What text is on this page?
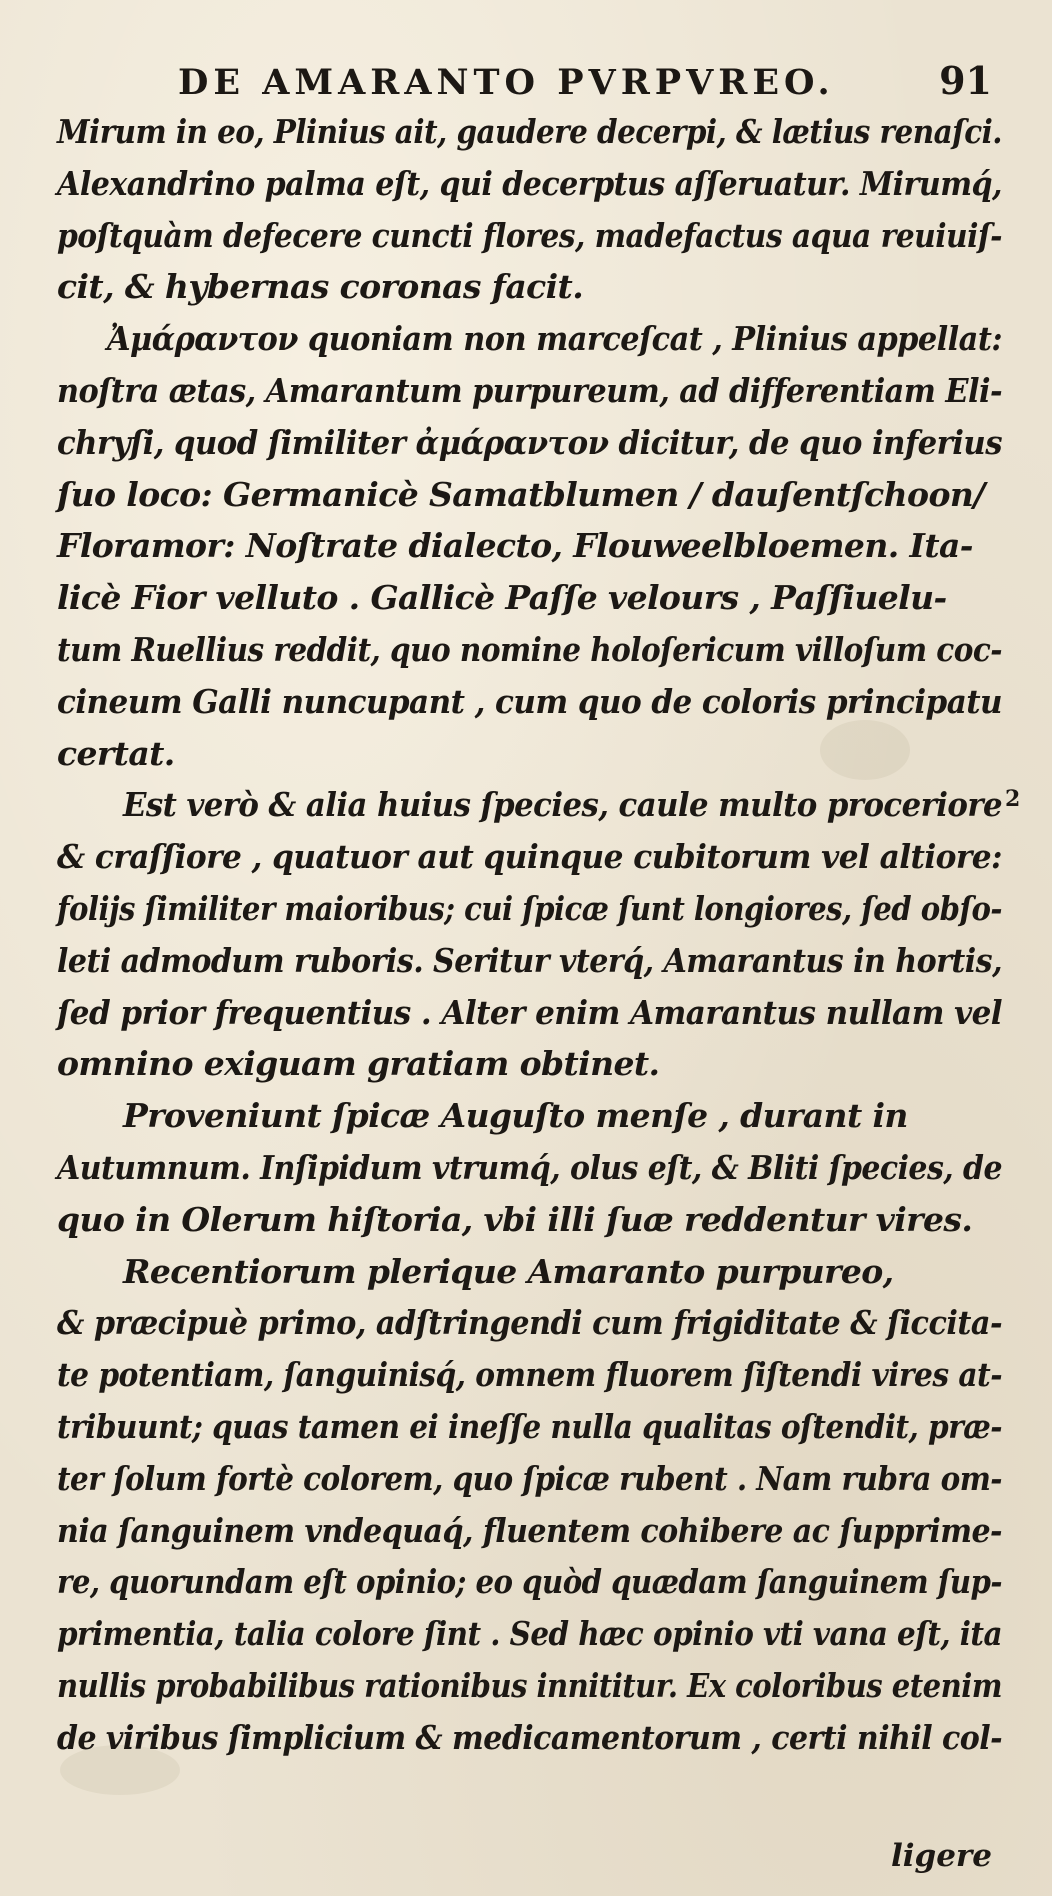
DE AMARANTO PVRPVREO.	91
Mirum in eo, Plinius ait, gaudere decerpi, & lætius renaſci.
Alexandrino palma eſt, qui decerptus aſſeruatur. Mirumq́,
poſtquàm defecere cuncti flores, madefactus aqua reuiuiſ-
cit, & hybernas coronas facit.
Ἀμάραντον quoniam non marceſcat , Plinius appellat:
noſtra ætas, Amarantum purpureum, ad differentiam Eli-
chryſi, quod ſimiliter ἀμάραντον dicitur, de quo inferius
ſuo loco: Germanicè Samatblumen / dauſentſchoon/
Floramor: Noſtrate dialecto, Flouweelbloemen. Ita-
licè Fior velluto . Gallicè Paſſe velours , Paſſiuelu-
tum Ruellius reddit, quo nomine holoſericum villoſum coc-
cineum Galli nuncupant , cum quo de coloris principatu
certat.
Est verò & alia huius ſpecies, caule multo proceriore
& craſſiore , quatuor aut quinque cubitorum vel altiore:
folijs ſimiliter maioribus; cui ſpicæ ſunt longiores, ſed obſo-
leti admodum ruboris. Seritur vterq́, Amarantus in hortis,
ſed prior frequentius . Alter enim Amarantus nullam vel
omnino exiguam gratiam obtinet.
Proveniunt ſpicæ Auguſto menſe , durant in
Autumnum. Inſipidum vtrumq́, olus eſt, & Bliti ſpecies, de
quo in Olerum hiſtoria, vbi illi ſuæ reddentur vires.
Recentiorum plerique Amaranto purpureo,
& præcipuè primo, adſtringendi cum frigiditate & ſiccita-
te potentiam, ſanguinisq́, omnem fluorem ſiſtendi vires at-
tribuunt; quas tamen ei ineſſe nulla qualitas oſtendit, præ-
ter ſolum fortè colorem, quo ſpicæ rubent . Nam rubra om-
nia ſanguinem vndequaq́, fluentem cohibere ac ſupprime-
re, quorundam eſt opinio; eo quòd quædam ſanguinem ſup-
primentia, talia colore ſint . Sed hæc opinio vti vana eſt, ita
nullis probabilibus rationibus innititur. Ex coloribus etenim
de viribus ſimplicium & medicamentorum , certi nihil col-
2
ligere
